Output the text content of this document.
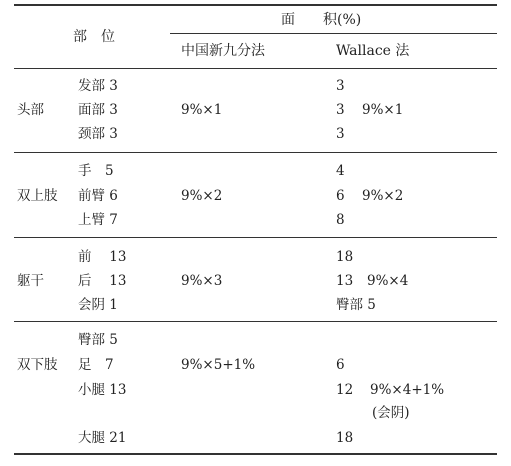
部　位
面　　积(%)
中国新九分法	Wallace 法
头部
发部 3
面部 3
颈部 3
9%×1
3
3
3
9%×1
双上肢
手　5
前臂 6
上臂 7
9%×2
4
6
8
9%×2
躯干
前　 13
后　 13
会阴 1
9%×3
18
13
臀部 5
9%×4
双下肢
臀部 5
足　7
小腿 13
大腿 21
9%×5+1%	6
12
18
9%×4+1%
(会阴)
